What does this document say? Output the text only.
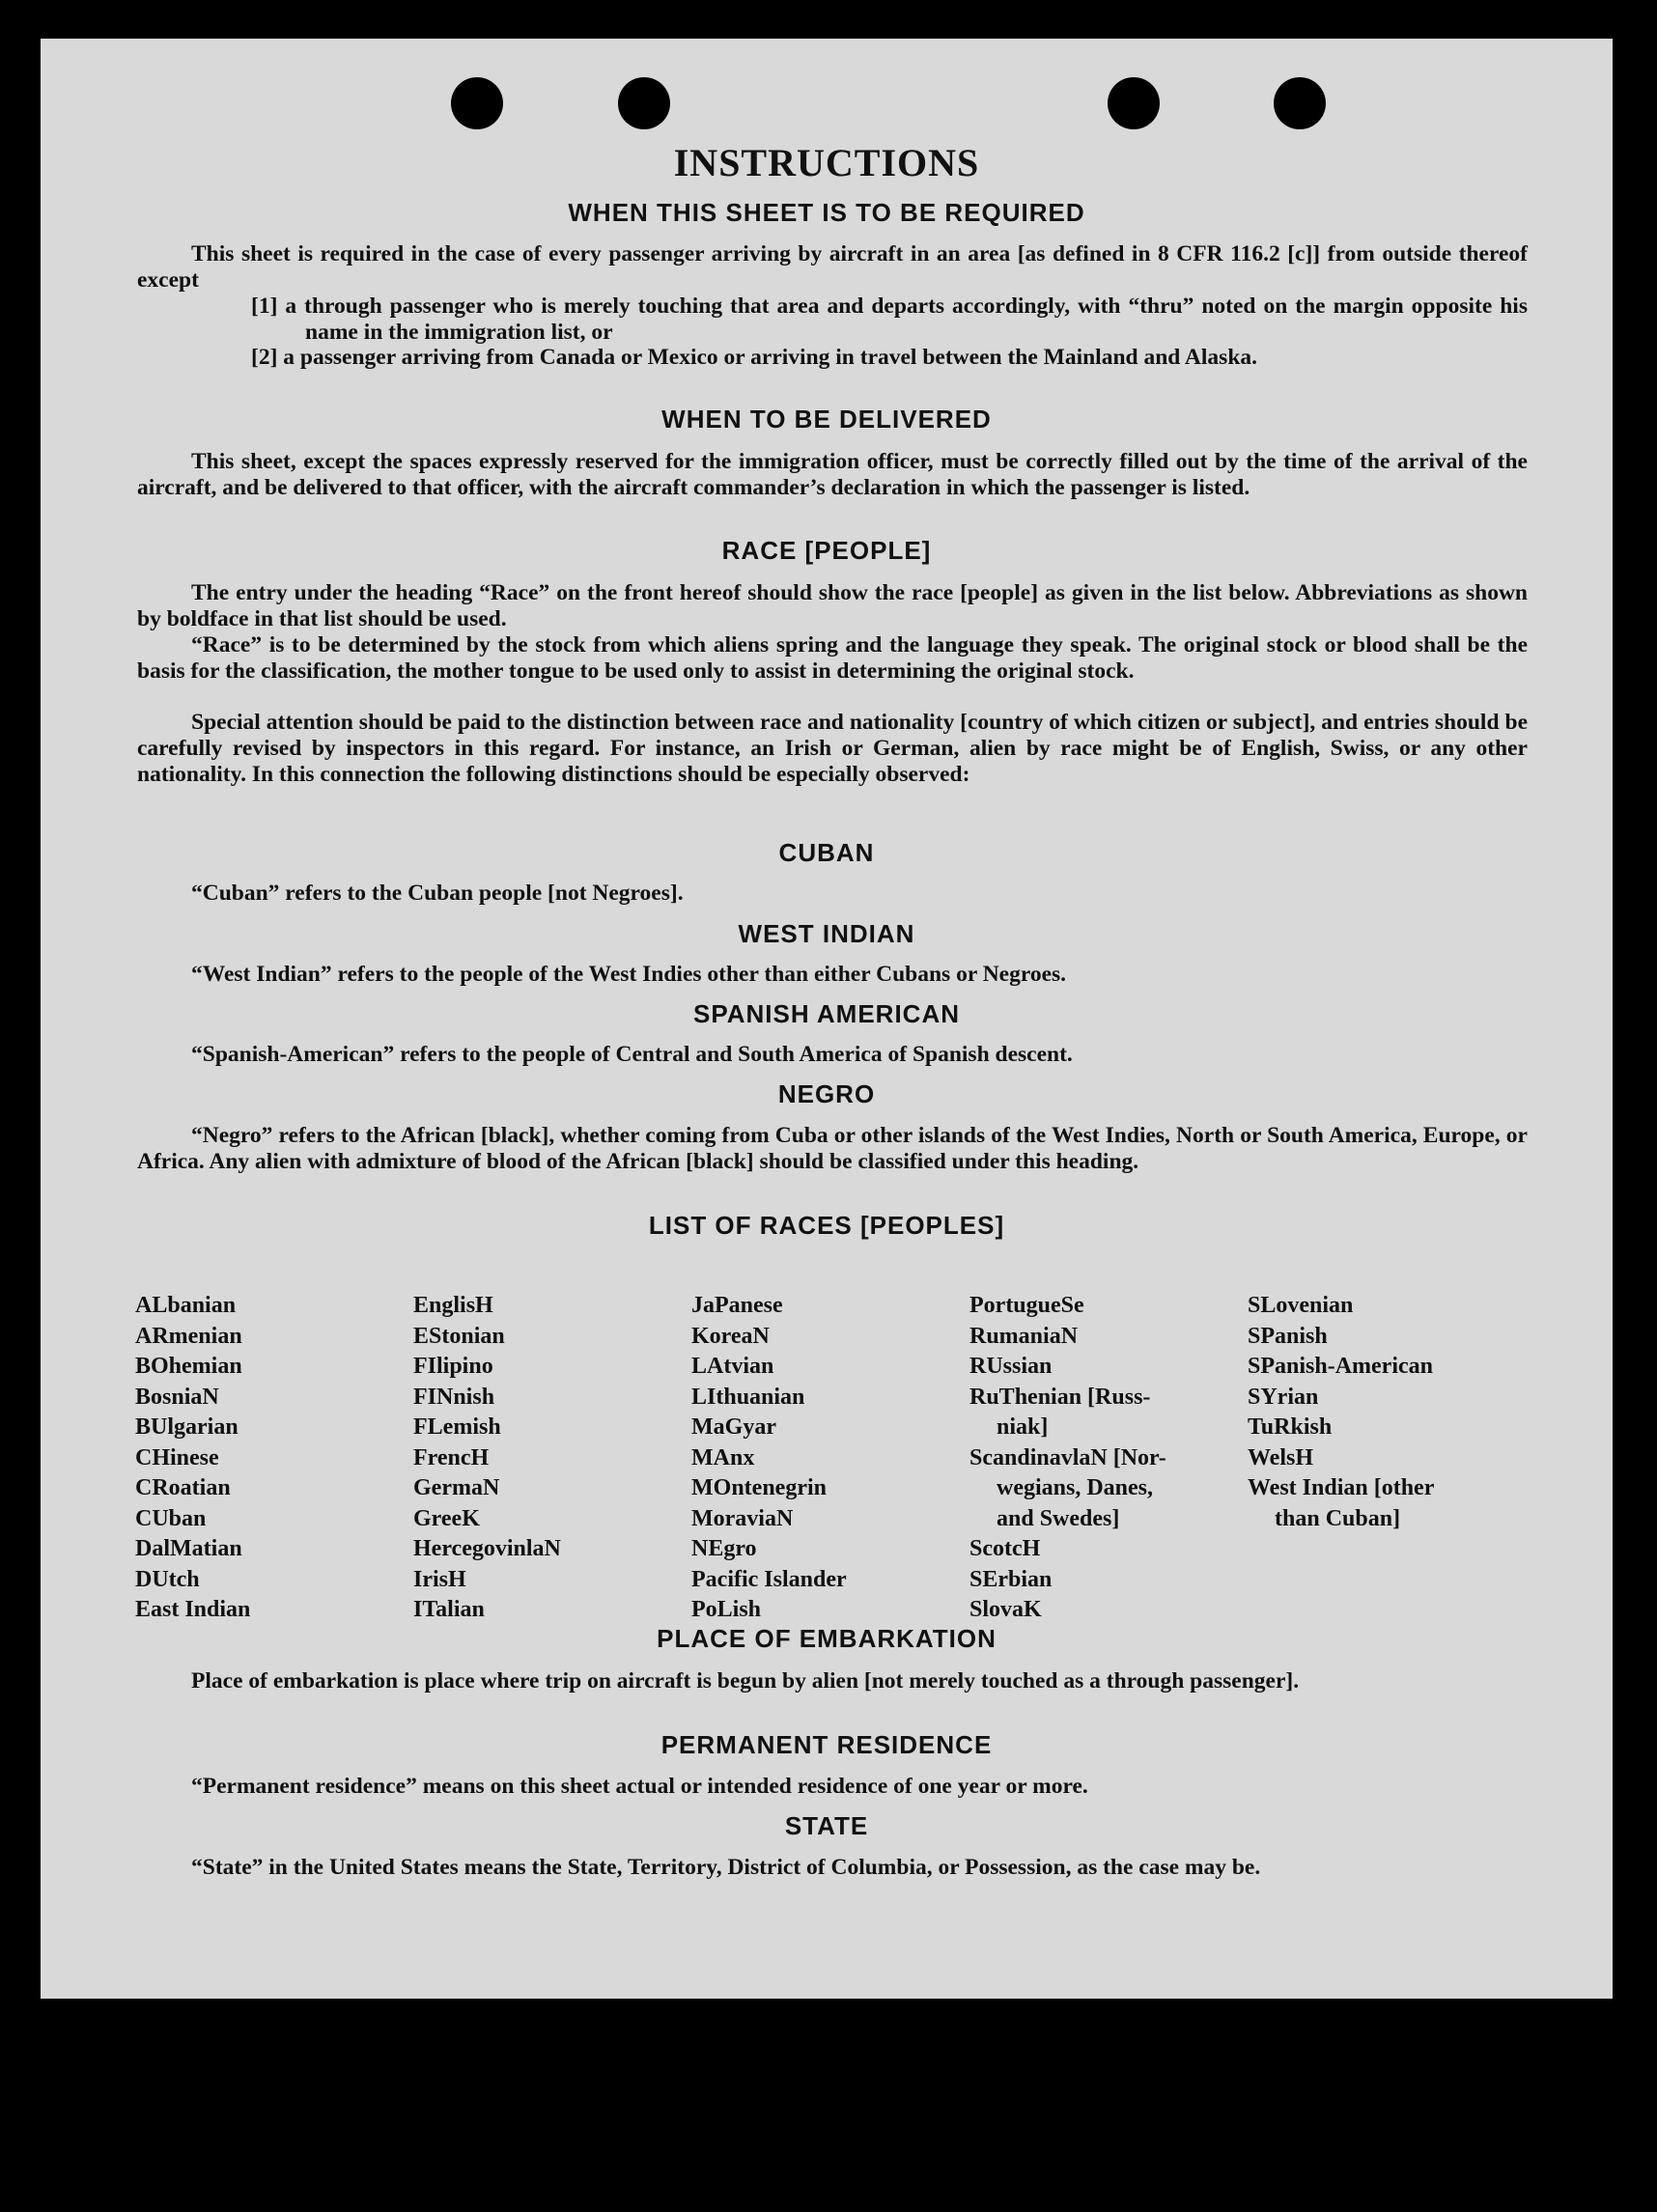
INSTRUCTIONS
WHEN THIS SHEET IS TO BE REQUIRED
This sheet is required in the case of every passenger arriving by aircraft in an area [as defined in 8 CFR 116.2 [c]] from outside thereof except
[1] a through passenger who is merely touching that area and departs accordingly, with “thru” noted on the margin opposite his name in the immigration list, or
[2] a passenger arriving from Canada or Mexico or arriving in travel between the Mainland and Alaska.
WHEN TO BE DELIVERED
This sheet, except the spaces expressly reserved for the immigration officer, must be correctly filled out by the time of the arrival of the aircraft, and be delivered to that officer, with the aircraft commander’s declaration in which the passenger is listed.
RACE [PEOPLE]
The entry under the heading “Race” on the front hereof should show the race [people] as given in the list below. Abbreviations as shown by boldface in that list should be used.
“Race” is to be determined by the stock from which aliens spring and the language they speak. The original stock or blood shall be the basis for the classification, the mother tongue to be used only to assist in determining the original stock.
Special attention should be paid to the distinction between race and nationality [country of which citizen or subject], and entries should be carefully revised by inspectors in this regard. For instance, an Irish or German, alien by race might be of English, Swiss, or any other nationality. In this connection the following distinctions should be especially observed:
CUBAN
“Cuban” refers to the Cuban people [not Negroes].
WEST INDIAN
“West Indian” refers to the people of the West Indies other than either Cubans or Negroes.
SPANISH AMERICAN
“Spanish-American” refers to the people of Central and South America of Spanish descent.
NEGRO
“Negro” refers to the African [black], whether coming from Cuba or other islands of the West Indies, North or South America, Europe, or Africa. Any alien with admixture of blood of the African [black] should be classified under this heading.
LIST OF RACES [PEOPLES]
ALbanian
ARmenian
BOhemian
BosniaN
BUlgarian
CHinese
CRoatian
CUban
DalMatian
DUtch
East Indian
EnglisH
EStonian
FIlipino
FINnish
FLemish
FrencH
GermaN
GreeK
HercegovinlaN
IrisH
ITalian
JaPanese
KoreaN
LAtvian
LIthuanian
MaGyar
MAnx
MOntenegrin
MoraviaN
NEgro
Pacific Islander
PoLish
PortugueSe
RumaniaN
RUssian
RuThenian [Russ-
niak]
ScandinavlaN [Nor-
wegians, Danes,
and Swedes]
ScotcH
SErbian
SlovaK
SLovenian
SPanish
SPanish-American
SYrian
TuRkish
WelsH
West Indian [other
than Cuban]
PLACE OF EMBARKATION
Place of embarkation is place where trip on aircraft is begun by alien [not merely touched as a through passenger].
PERMANENT RESIDENCE
“Permanent residence” means on this sheet actual or intended residence of one year or more.
STATE
“State” in the United States means the State, Territory, District of Columbia, or Possession, as the case may be.
